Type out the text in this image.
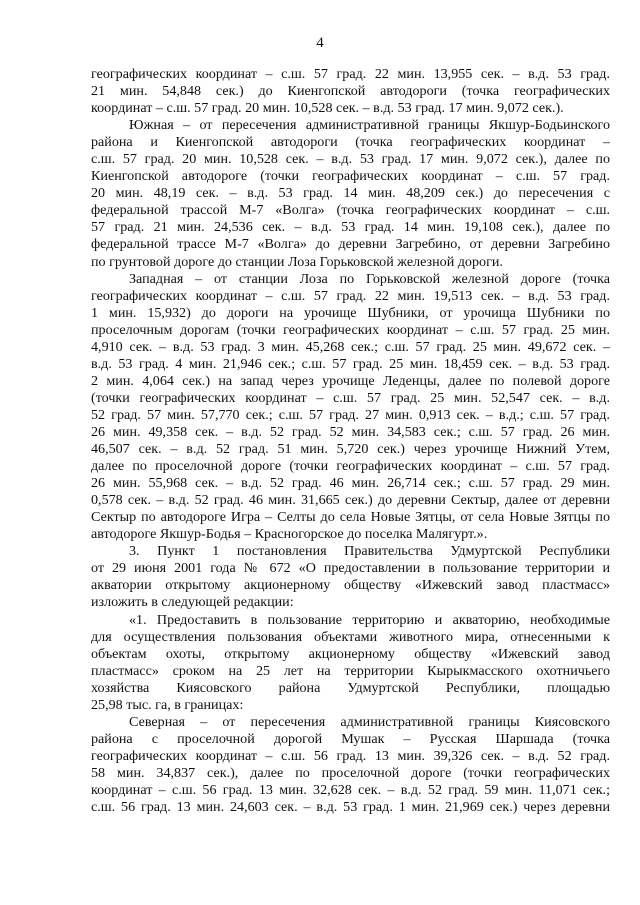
4
географических координат – с.ш. 57 град. 22 мин. 13,955 сек. – в.д. 53 град.
21 мин. 54,848 сек.) до Киенгопской автодороги (точка географических
координат – с.ш. 57 град. 20 мин. 10,528 сек. – в.д. 53 град. 17 мин. 9,072 сек.).
Южная – от пересечения административной границы Якшур-Бодьинского
района и Киенгопской автодороги (точка географических координат –
с.ш. 57 град. 20 мин. 10,528 сек. – в.д. 53 град. 17 мин. 9,072 сек.), далее по
Киенгопской автодороге (точки географических координат – с.ш. 57 град.
20 мин. 48,19 сек. – в.д. 53 град. 14 мин. 48,209 сек.) до пересечения с
федеральной трассой М-7 «Волга» (точка географических координат – с.ш.
57 град. 21 мин. 24,536 сек. – в.д. 53 град. 14 мин. 19,108 сек.), далее по
федеральной трассе М-7 «Волга» до деревни Загребино, от деревни Загребино
по грунтовой дороге до станции Лоза Горьковской железной дороги.
Западная – от станции Лоза по Горьковской железной дороге (точка
географических координат – с.ш. 57 град. 22 мин. 19,513 сек. – в.д. 53 град.
1 мин. 15,932) до дороги на урочище Шубники, от урочища Шубники по
проселочным дорогам (точки географических координат – с.ш. 57 град. 25 мин.
4,910 сек. – в.д. 53 град. 3 мин. 45,268 сек.; с.ш. 57 град. 25 мин. 49,672 сек. –
в.д. 53 град. 4 мин. 21,946 сек.; с.ш. 57 град. 25 мин. 18,459 сек. – в.д. 53 град.
2 мин. 4,064 сек.) на запад через урочище Леденцы, далее по полевой дороге
(точки географических координат – с.ш. 57 град. 25 мин. 52,547 сек. – в.д.
52 град. 57 мин. 57,770 сек.; с.ш. 57 град. 27 мин. 0,913 сек. – в.д.; с.ш. 57 град.
26 мин. 49,358 сек. – в.д. 52 град. 52 мин. 34,583 сек.; с.ш. 57 град. 26 мин.
46,507 сек. – в.д. 52 град. 51 мин. 5,720 сек.) через урочище Нижний Утем,
далее по проселочной дороге (точки географических координат – с.ш. 57 град.
26 мин. 55,968 сек. – в.д. 52 град. 46 мин. 26,714 сек.; с.ш. 57 град. 29 мин.
0,578 сек. – в.д. 52 град. 46 мин. 31,665 сек.) до деревни Сектыр, далее от деревни
Сектыр по автодороге Игра – Селты до села Новые Зятцы, от села Новые Зятцы по
автодороге Якшур-Бодья – Красногорское до поселка Малягурт.».
3. Пункт 1 постановления Правительства Удмуртской Республики
от 29 июня 2001 года № 672 «О предоставлении в пользование территории и
акватории открытому акционерному обществу «Ижевский завод пластмасс»
изложить в следующей редакции:
«1. Предоставить в пользование территорию и акваторию, необходимые
для осуществления пользования объектами животного мира, отнесенными к
объектам охоты, открытому акционерному обществу «Ижевский завод
пластмасс» сроком на 25 лет на территории Кырыкмасского охотничьего
хозяйства Киясовского района Удмуртской Республики, площадью
25,98 тыс. га, в границах:
Северная – от пересечения административной границы Киясовского
района с проселочной дорогой Мушак – Русская Шаршада (точка
географических координат – с.ш. 56 град. 13 мин. 39,326 сек. – в.д. 52 град.
58 мин. 34,837 сек.), далее по проселочной дороге (точки географических
координат – с.ш. 56 град. 13 мин. 32,628 сек. – в.д. 52 град. 59 мин. 11,071 сек.;
с.ш. 56 град. 13 мин. 24,603 сек. – в.д. 53 град. 1 мин. 21,969 сек.) через деревни
